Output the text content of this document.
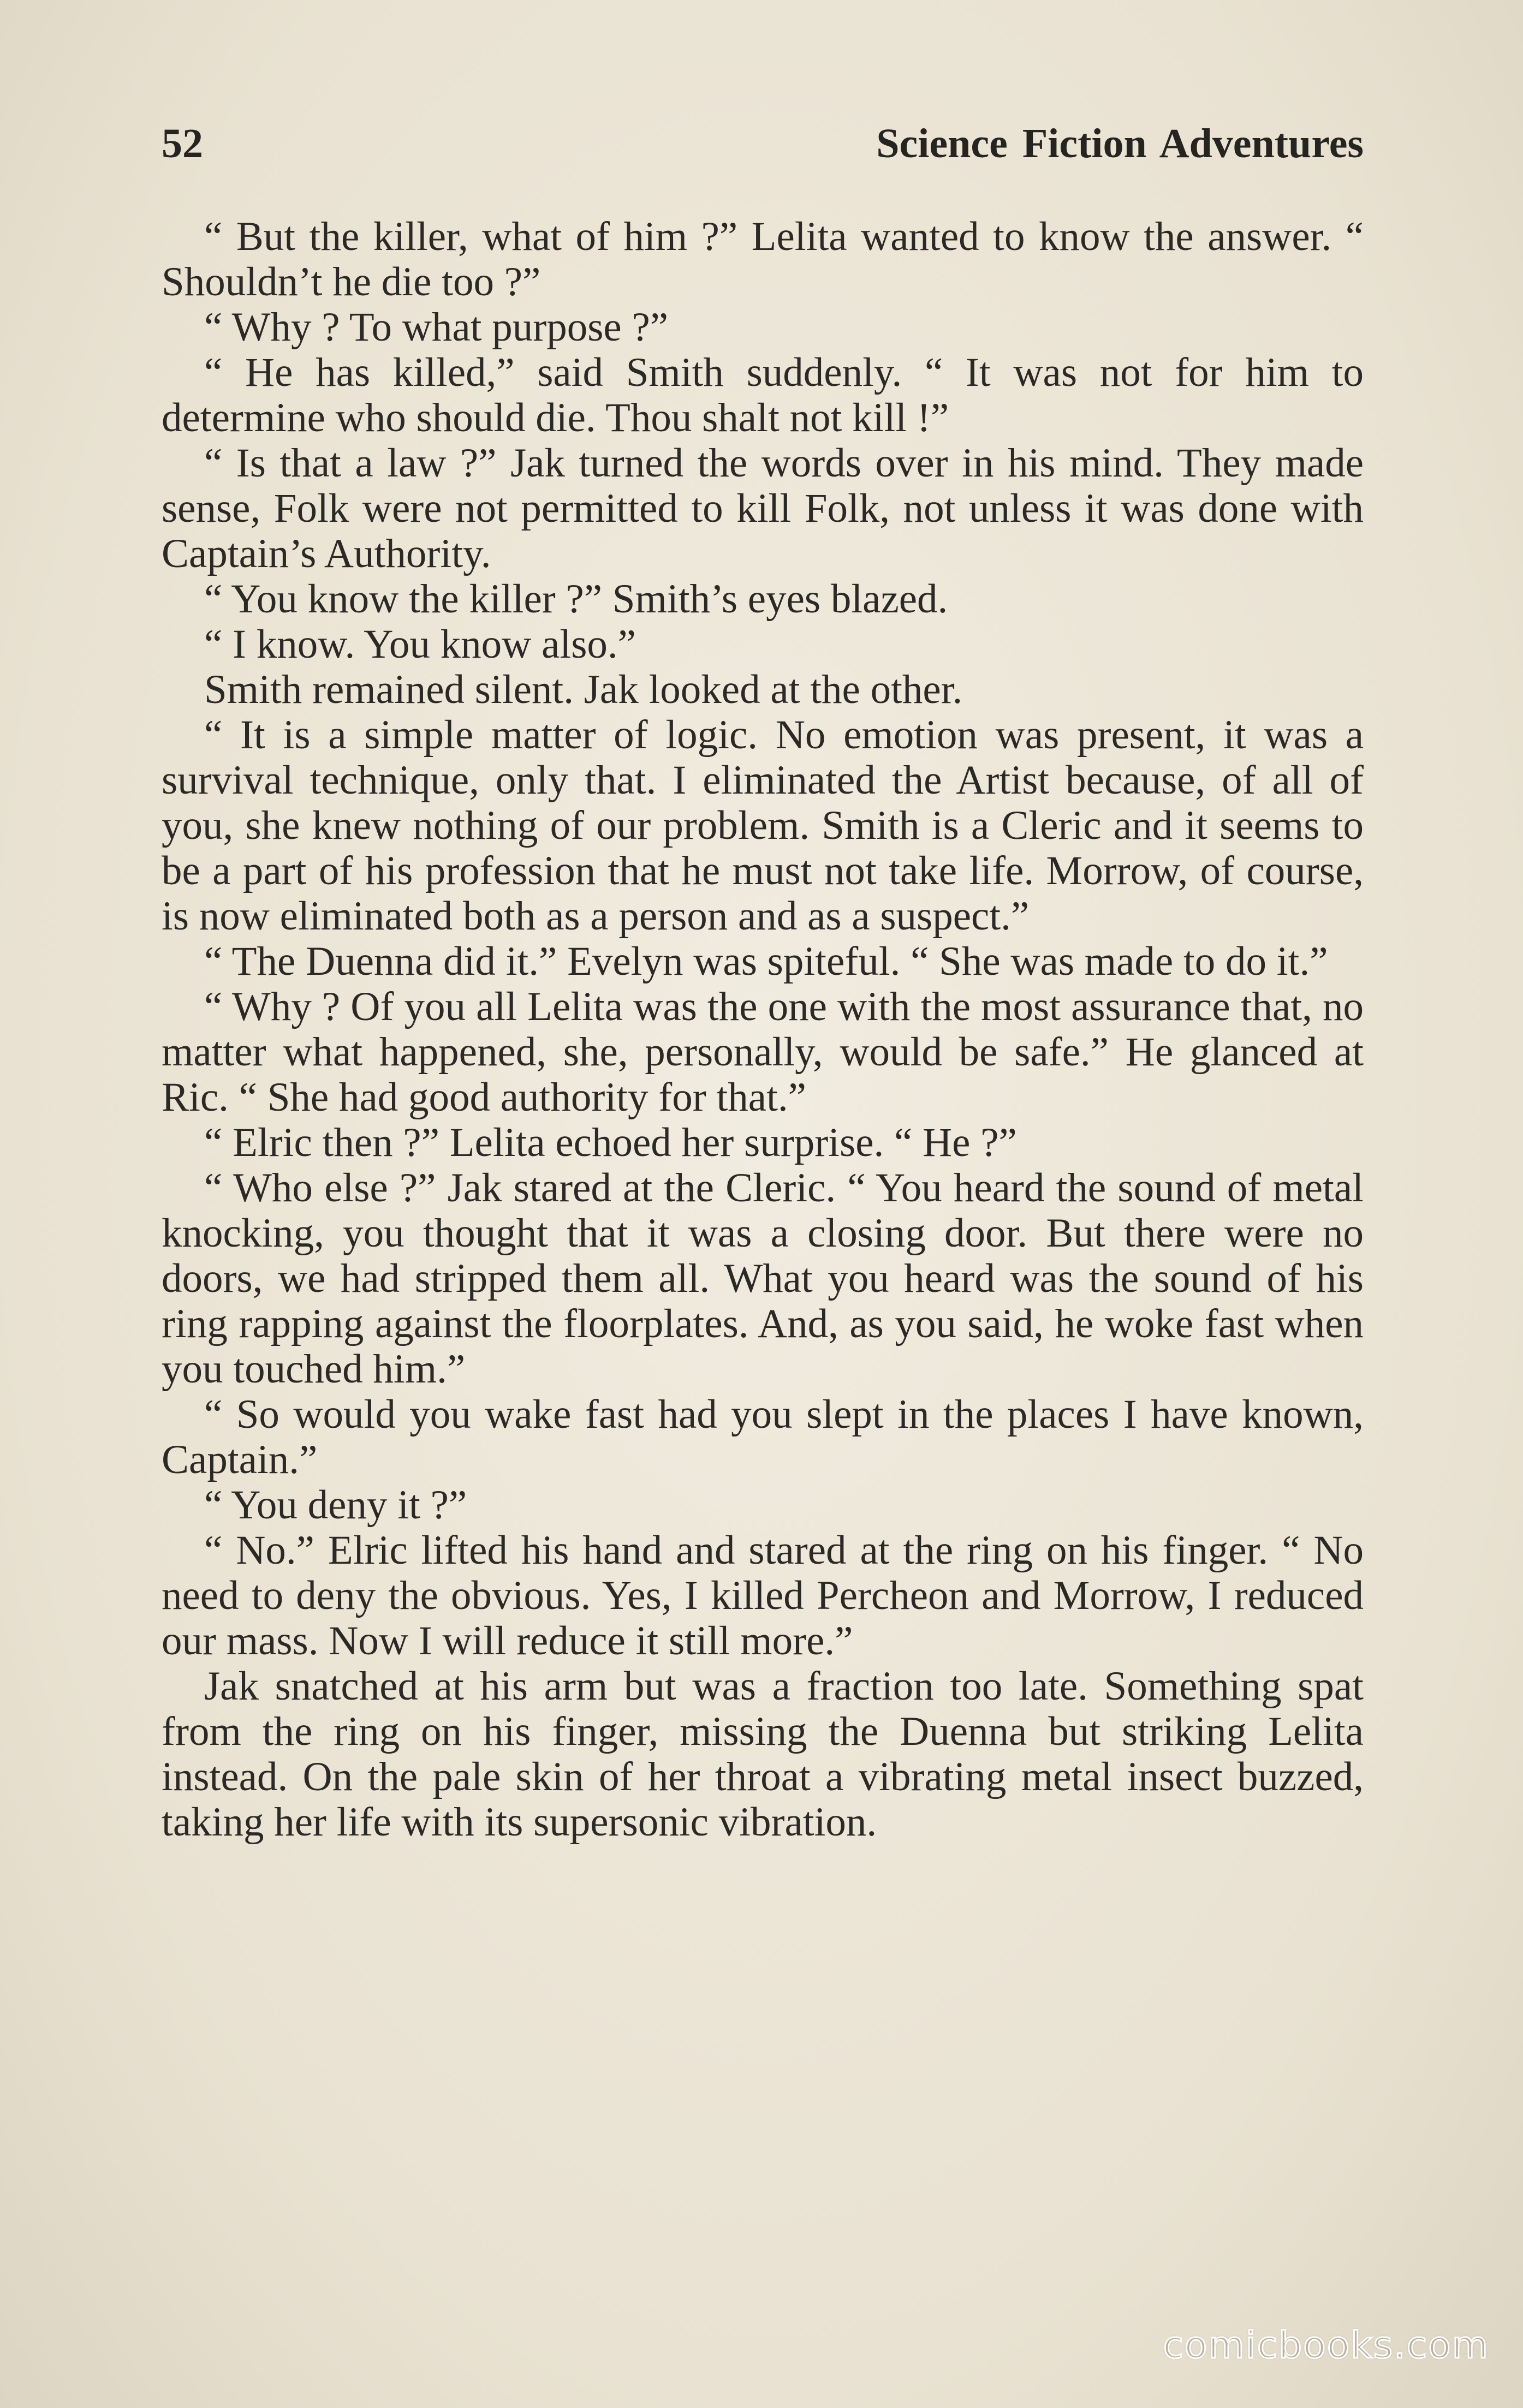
52	Science Fiction Adventures

“ But the killer, what of him ?” Lelita wanted to know the answer. “ Shouldn’t he die too ?”

“ Why ? To what purpose ?”

“ He has killed,” said Smith suddenly. “ It was not for him to determine who should die. Thou shalt not kill !”

“ Is that a law ?” Jak turned the words over in his mind. They made sense, Folk were not permitted to kill Folk, not unless it was done with Captain’s Authority.

“ You know the killer ?” Smith’s eyes blazed.

“ I know. You know also.”

Smith remained silent. Jak looked at the other.

“ It is a simple matter of logic. No emotion was present, it was a survival technique, only that. I eliminated the Artist because, of all of you, she knew nothing of our problem. Smith is a Cleric and it seems to be a part of his profession that he must not take life. Morrow, of course, is now eliminated both as a person and as a suspect.”

“ The Duenna did it.” Evelyn was spiteful. “ She was made to do it.”

“ Why ? Of you all Lelita was the one with the most assurance that, no matter what happened, she, personally, would be safe.” He glanced at Ric. “ She had good authority for that.”

“ Elric then ?” Lelita echoed her surprise. “ He ?”

“ Who else ?” Jak stared at the Cleric. “ You heard the sound of metal knocking, you thought that it was a closing door. But there were no doors, we had stripped them all. What you heard was the sound of his ring rapping against the floorplates. And, as you said, he woke fast when you touched him.”

“ So would you wake fast had you slept in the places I have known, Captain.”

“ You deny it ?”

“ No.” Elric lifted his hand and stared at the ring on his finger. “ No need to deny the obvious. Yes, I killed Percheon and Morrow, I reduced our mass. Now I will reduce it still more.”

Jak snatched at his arm but was a fraction too late. Something spat from the ring on his finger, missing the Duenna but striking Lelita instead. On the pale skin of her throat a vibrating metal insect buzzed, taking her life with its supersonic vibration.

comicbooks.com
